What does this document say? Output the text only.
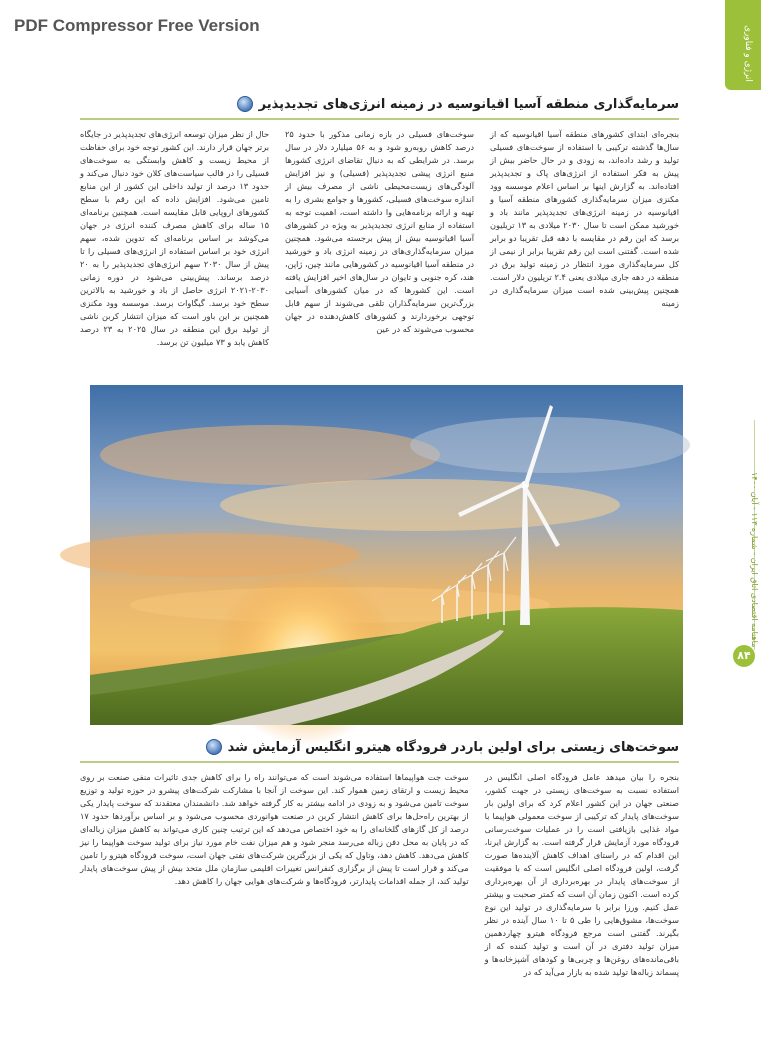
PDF Compressor Free Version	انرژی و فناوری
ماهنامه اقتصادی اتاق ایران - شماره ۱۱۳ - آبان ۱۴۰۰
۸۴
سرمایه‌گذاری منطقه آسیا اقیانوسیه در زمینه انرژی‌های تجدیدپذیر
بنجره‌ای ابتدای کشورهای منطقه آسیا اقیانوسیه که از سال‌ها گذشته ترکیبی با استفاده از سوخت‌های فسیلی تولید و رشد داده‌اند، به زودی و در حال حاضر بیش از پیش به فکر استفاده از انرژی‌های پاک و تجدیدپذیر افتاده‌اند. به گزارش اینها بر اساس اعلام موسسه وود مکنزی میزان سرمایه‌گذاری کشورهای منطقه آسیا و اقیانوسیه در زمینه انرژی‌های تجدیدپذیر مانند باد و خورشید ممکن است تا سال ۲۰۳۰ میلادی به ۱۳ تریلیون برسد که این رقم در مقایسه با دهه قبل تقریبا دو برابر شده است. گفتنی است این رقم تقریبا برابر از نیمی از کل سرمایه‌گذاری مورد انتظار در زمینه تولید برق در منطقه در دهه جاری میلادی یعنی ۲.۴ تریلیون دلار است. همچنین پیش‌بینی شده است میزان سرمایه‌گذاری در زمینه
سوخت‌های فسیلی در بازه زمانی مذکور با حدود ۲۵ درصد کاهش روبه‌رو شود و به ۵۶ میلیارد دلار در سال برسد. در شرایطی که به دنبال تقاضای انرژی کشورها منبع انرژی پیشی تجدیدپذیر (فسیلی) و نیز افزایش آلودگی‌های زیست‌محیطی ناشی از مصرف بیش از اندازه سوخت‌های فسیلی، کشورها و جوامع بشری را به تهیه و ارائه برنامه‌هایی وا داشته است، اهمیت توجه به استفاده از منابع انرژی تجدیدپذیر به ویژه در کشورهای آسیا اقیانوسیه بیش از پیش برجسته می‌شود. همچنین میزان سرمایه‌گذاری‌های در زمینه انرژی باد و خورشید در منطقه آسیا اقیانوسیه در کشورهایی مانند چین، ژاپن، هند، کره جنوبی و تایوان در سال‌های اخیر افزایش یافته است. این کشورها که در میان کشورهای آسیایی بزرگ‌ترین سرمایه‌گذاران تلقی می‌شوند از سهم قابل توجهی برخوردارند و کشورهای کاهش‌دهنده در جهان محسوب می‌شوند که در عین
حال از نظر میزان توسعه انرژی‌های تجدیدپذیر در جایگاه برتر جهان قرار دارند. این کشور توجه خود برای حفاظت از محیط زیست و کاهش وابستگی به سوخت‌های فسیلی را در قالب سیاست‌های کلان خود دنبال می‌کند و حدود ۱۳ درصد از تولید داخلی این کشور از این منابع تامین می‌شود. افزایش داده که این رقم با سطح کشورهای اروپایی قابل مقایسه است. همچنین برنامه‌ای ۱۵ ساله برای کاهش مصرف کننده انرژی در جهان می‌کوشد بر اساس برنامه‌ای که تدوین شده، سهم انرژی خود بر اساس استفاده از انرژی‌های فسیلی را تا پیش از سال ۲۰۳۰ سهم انرژی‌های تجدیدپذیر را به ۲۰ درصد برساند. پیش‌بینی می‌شود در دوره زمانی ۲۰۳۰-۲۰۲۱ انرژی حاصل از باد و خورشید به بالاترین سطح خود برسد. گیگاوات برسد. موسسه وود مکنزی همچنین بر این باور است که میزان انتشار کربن ناشی از تولید برق این منطقه در سال ۲۰۲۵ به ۲۳ درصد کاهش یابد و ۷۳ میلیون تن برسد.
سوخت‌های زیستی برای اولین باردر فرودگاه هیترو انگلیس آزمایش شد
بنجره را بیان میدهد عامل فرودگاه اصلی انگلیس در استفاده نسبت به سوخت‌های زیستی در جهت کشور، صنعتی جهان در این کشور اعلام کرد که برای اولین بار سوخت‌های پایدار که ترکیبی از سوخت معمولی هواپیما با مواد غذایی بازیافتی است را در عملیات سوخت‌رسانی فرودگاه مورد آزمایش قرار گرفته است. به گزارش ایرنا، این اقدام که در راستای اهداف کاهش آلاینده‌ها صورت گرفت، اولین فرودگاه اصلی انگلیس است که با موفقیت از سوخت‌های پایدار در بهره‌برداری از آن بهره‌برداری کرده است. اکنون زمان آن است که کمتر صحبت و بیشتر عمل کنیم. ورزا برابر با سرمایه‌گذاری در تولید این نوع سوخت‌ها، مشوق‌هایی را طی ۵ تا ۱۰ سال آینده در نظر بگیرند. گفتنی است مرجع فرودگاه هیترو چهاردهمین میزان تولید دفتری در آن است و تولید کننده که از باقی‌مانده‌های روغن‌ها و چربی‌ها و کودهای آشپزخانه‌ها و پسماند زباله‌ها تولید شده به بازار می‌آید که در
سوخت جت هواپیماها استفاده می‌شوند است که می‌توانند راه را برای کاهش جدی تاثیرات منفی صنعت بر روی محیط زیست و ارتقای زمین هموار کند. این سوخت از آنجا با مشارکت شرکت‌های پیشرو در حوزه تولید و توزیع سوخت تامین می‌شود و به زودی در ادامه بیشتر به کار گرفته خواهد شد. دانشمندان معتقدند که سوخت پایدار یکی از بهترین راه‌حل‌ها برای کاهش انتشار کربن در صنعت هوانوردی محسوب می‌شود و بر اساس برآوردها حدود ۱۷ درصد از کل گازهای گلخانه‌ای را به خود اختصاص می‌دهد که این ترتیب چنین کاری می‌تواند به کاهش میزان زباله‌ای که در پایان به محل دفن زباله می‌رسد منجر شود و هم میزان نفت خام مورد نیاز برای تولید سوخت هواپیما را نیز کاهش می‌دهد. کاهش دهد، وتاول که یکی از بزرگترین شرکت‌های نفتی جهان است، سوخت فرودگاه هیترو را تامین می‌کند و قرار است تا پیش از برگزاری کنفرانس تغییرات اقلیمی سازمان ملل متحد بیش از پیش سوخت‌های پایدار تولید کند، از جمله اقدامات پایدارتر، فرودگاه‌ها و شرکت‌های هوایی جهان را کاهش دهد.
